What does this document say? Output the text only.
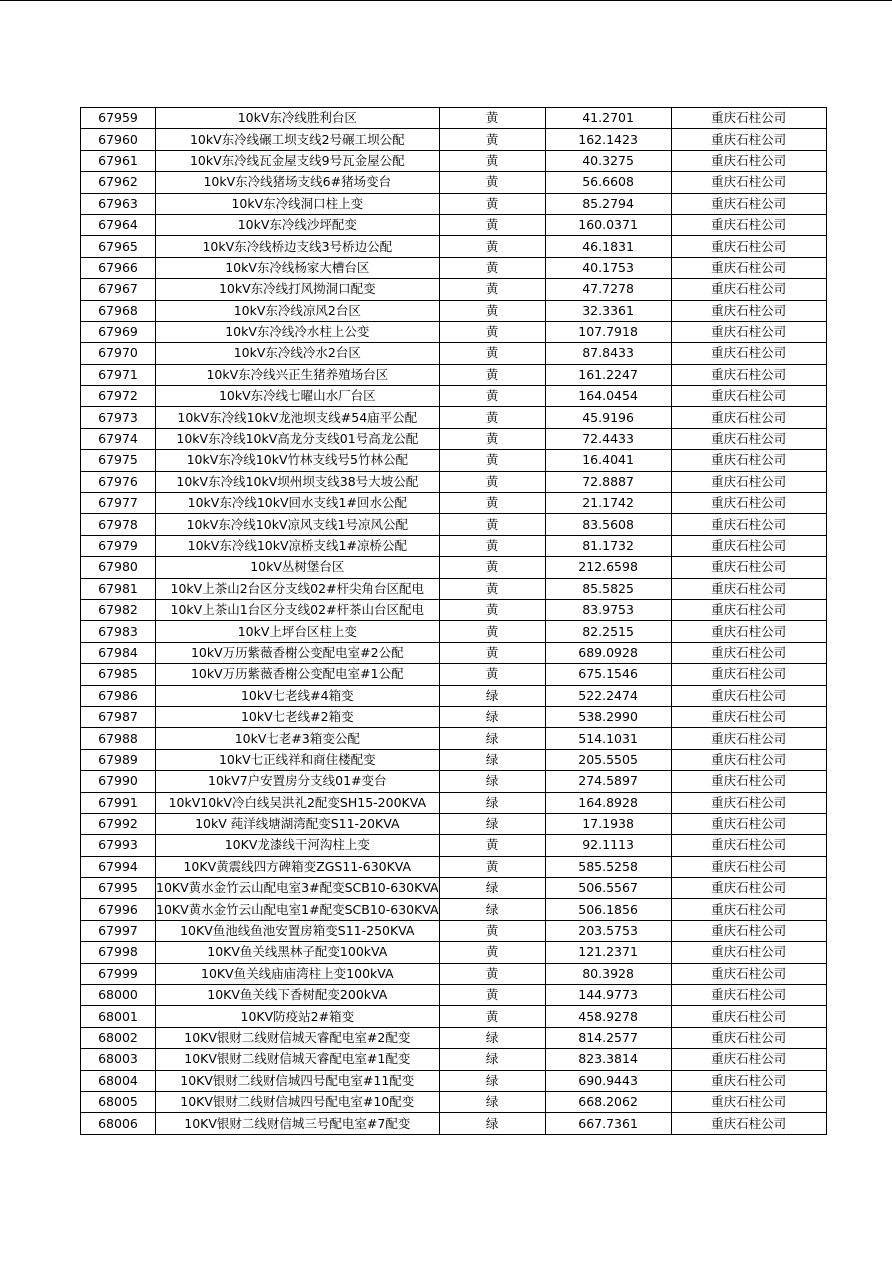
67959	10kV东冷线胜利台区	黄	41.2701	重庆石柱公司
67960	10kV东冷线碾工坝支线2号碾工坝公配	黄	162.1423	重庆石柱公司
67961	10kV东冷线瓦金屋支线9号瓦金屋公配	黄	40.3275	重庆石柱公司
67962	10kV东冷线猪场支线6#猪场变台	黄	56.6608	重庆石柱公司
67963	10kV东冷线洞口柱上变	黄	85.2794	重庆石柱公司
67964	10kV东冷线沙坪配变	黄	160.0371	重庆石柱公司
67965	10kV东冷线桥边支线3号桥边公配	黄	46.1831	重庆石柱公司
67966	10kV东冷线杨家大槽台区	黄	40.1753	重庆石柱公司
67967	10kV东冷线打风拗洞口配变	黄	47.7278	重庆石柱公司
67968	10kV东冷线凉风2台区	黄	32.3361	重庆石柱公司
67969	10kV东冷线冷水柱上公变	黄	107.7918	重庆石柱公司
67970	10kV东冷线冷水2台区	黄	87.8433	重庆石柱公司
67971	10kV东冷线兴正生猪养殖场台区	黄	161.2247	重庆石柱公司
67972	10kV东冷线七曜山水厂台区	黄	164.0454	重庆石柱公司
67973	10kV东冷线10kV龙池坝支线#54庙平公配	黄	45.9196	重庆石柱公司
67974	10kV东冷线10kV高龙分支线01号高龙公配	黄	72.4433	重庆石柱公司
67975	10kV东冷线10kV竹林支线号5竹林公配	黄	16.4041	重庆石柱公司
67976	10kV东冷线10kV坝州坝支线38号大坡公配	黄	72.8887	重庆石柱公司
67977	10kV东冷线10kV回水支线1#回水公配	黄	21.1742	重庆石柱公司
67978	10kV东冷线10kV凉风支线1号凉风公配	黄	83.5608	重庆石柱公司
67979	10kV东冷线10kV凉桥支线1#凉桥公配	黄	81.1732	重庆石柱公司
67980	10kV丛树堡台区	黄	212.6598	重庆石柱公司
67981	10kV上茶山2台区分支线02#杆尖角台区配电	黄	85.5825	重庆石柱公司
67982	10kV上茶山1台区分支线02#杆茶山台区配电	黄	83.9753	重庆石柱公司
67983	10kV上坪台区柱上变	黄	82.2515	重庆石柱公司
67984	10kV万历紫薇香榭公变配电室#2公配	黄	689.0928	重庆石柱公司
67985	10kV万历紫薇香榭公变配电室#1公配	黄	675.1546	重庆石柱公司
67986	10kV七老线#4箱变	绿	522.2474	重庆石柱公司
67987	10kV七老线#2箱变	绿	538.2990	重庆石柱公司
67988	10kV七老#3箱变公配	绿	514.1031	重庆石柱公司
67989	10kV七正线祥和商住楼配变	绿	205.5505	重庆石柱公司
67990	10kV7户安置房分支线01#变台	绿	274.5897	重庆石柱公司
67991	10kV10kV冷白线吴洪礼2配变SH15-200KVA	绿	164.8928	重庆石柱公司
67992	10kV 莼洋线塘湖湾配变S11-20KVA	绿	17.1938	重庆石柱公司
67993	10KV龙漆线干河沟柱上变	黄	92.1113	重庆石柱公司
67994	10KV黄震线四方碑箱变ZGS11-630KVA	黄	585.5258	重庆石柱公司
67995	10KV黄水金竹云山配电室3#配变SCB10-630KVA	绿	506.5567	重庆石柱公司
67996	10KV黄水金竹云山配电室1#配变SCB10-630KVA	绿	506.1856	重庆石柱公司
67997	10KV鱼池线鱼池安置房箱变S11-250KVA	黄	203.5753	重庆石柱公司
67998	10KV鱼关线黑林子配变100kVA	黄	121.2371	重庆石柱公司
67999	10KV鱼关线庙庙湾柱上变100kVA	黄	80.3928	重庆石柱公司
68000	10KV鱼关线下香树配变200kVA	黄	144.9773	重庆石柱公司
68001	10KV防疫站2#箱变	黄	458.9278	重庆石柱公司
68002	10KV银财二线财信城天睿配电室#2配变	绿	814.2577	重庆石柱公司
68003	10KV银财二线财信城天睿配电室#1配变	绿	823.3814	重庆石柱公司
68004	10KV银财二线财信城四号配电室#11配变	绿	690.9443	重庆石柱公司
68005	10KV银财二线财信城四号配电室#10配变	绿	668.2062	重庆石柱公司
68006	10KV银财二线财信城三号配电室#7配变	绿	667.7361	重庆石柱公司
